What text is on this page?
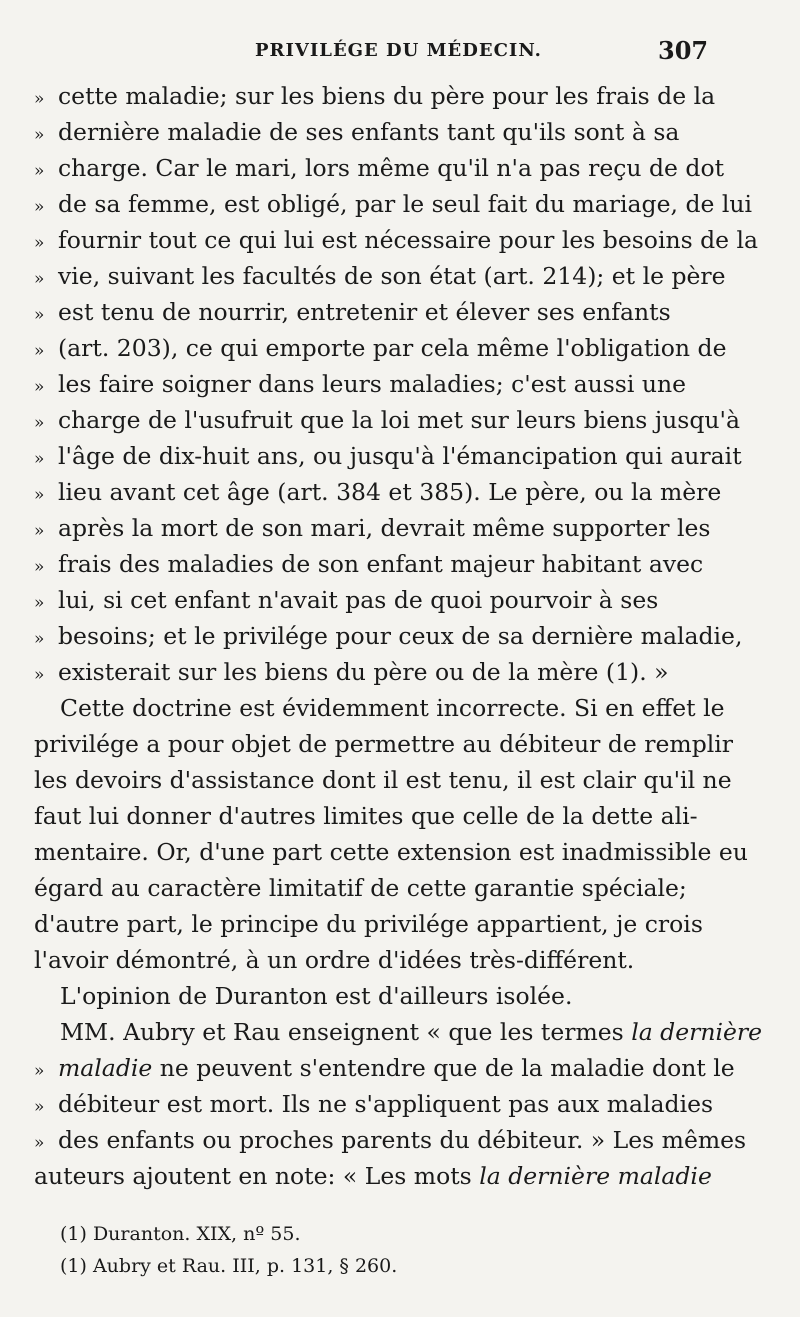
PRIVILÉGE DU MÉDECIN.	307
» cette maladie; sur les biens du père pour les frais de la
» dernière maladie de ses enfants tant qu'ils sont à sa
» charge. Car le mari, lors même qu'il n'a pas reçu de dot
» de sa femme, est obligé, par le seul fait du mariage, de lui
» fournir tout ce qui lui est nécessaire pour les besoins de la
» vie, suivant les facultés de son état (art. 214); et le père
» est tenu de nourrir, entretenir et élever ses enfants
» (art. 203), ce qui emporte par cela même l'obligation de
» les faire soigner dans leurs maladies; c'est aussi une
» charge de l'usufruit que la loi met sur leurs biens jusqu'à
» l'âge de dix-huit ans, ou jusqu'à l'émancipation qui aurait
» lieu avant cet âge (art. 384 et 385). Le père, ou la mère
» après la mort de son mari, devrait même supporter les
» frais des maladies de son enfant majeur habitant avec
» lui, si cet enfant n'avait pas de quoi pourvoir à ses
» besoins; et le privilége pour ceux de sa dernière maladie,
» existerait sur les biens du père ou de la mère (1). »
Cette doctrine est évidemment incorrecte. Si en effet le
privilége a pour objet de permettre au débiteur de remplir
les devoirs d'assistance dont il est tenu, il est clair qu'il ne
faut lui donner d'autres limites que celle de la dette ali-
mentaire. Or, d'une part cette extension est inadmissible eu
égard au caractère limitatif de cette garantie spéciale;
d'autre part, le principe du privilége appartient, je crois
l'avoir démontré, à un ordre d'idées très-différent.
L'opinion de Duranton est d'ailleurs isolée.
MM. Aubry et Rau enseignent « que les termes la dernière
» maladie ne peuvent s'entendre que de la maladie dont le
» débiteur est mort. Ils ne s'appliquent pas aux maladies
» des enfants ou proches parents du débiteur. » Les mêmes
auteurs ajoutent en note: « Les mots la dernière maladie
(1) Duranton. XIX, nº 55.
(1) Aubry et Rau. III, p. 131, § 260.
